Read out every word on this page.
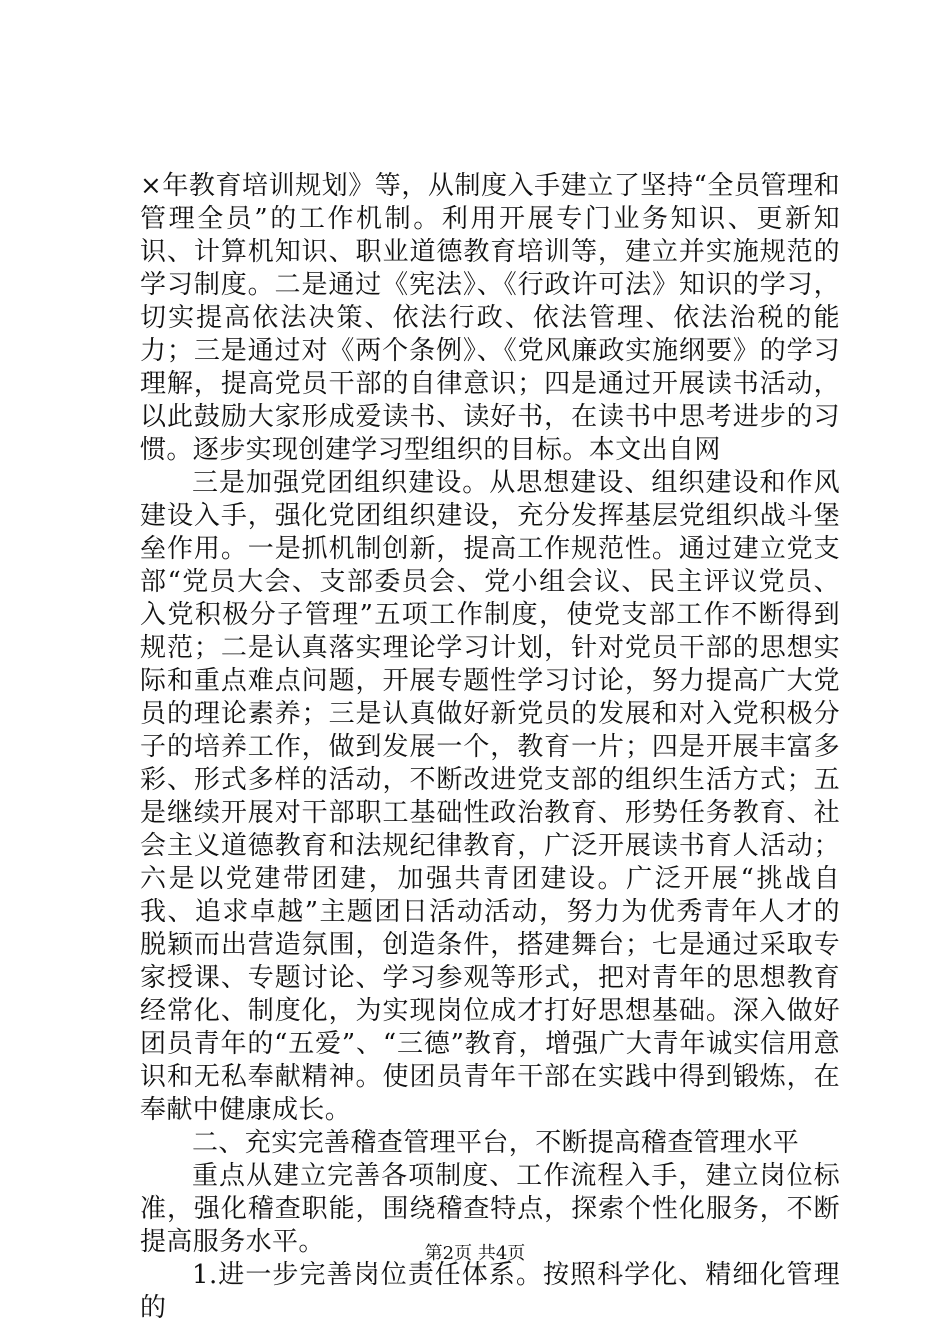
×年教育培训规划》等，从制度入手建立了坚持“全员管理和管理全员”的工作机制。利用开展专门业务知识、更新知识、计算机知识、职业道德教育培训等，建立并实施规范的学习制度。二是通过《宪法》、《行政许可法》知识的学习，切实提高依法决策、依法行政、依法管理、依法治税的能力；三是通过对《两个条例》、《党风廉政实施纲要》的学习理解，提高党员干部的自律意识；四是通过开展读书活动，以此鼓励大家形成爱读书、读好书，在读书中思考进步的习惯。逐步实现创建学习型组织的目标。本文出自网

三是加强党团组织建设。从思想建设、组织建设和作风建设入手，强化党团组织建设，充分发挥基层党组织战斗堡垒作用。一是抓机制创新，提高工作规范性。通过建立党支部“党员大会、支部委员会、党小组会议、民主评议党员、入党积极分子管理”五项工作制度，使党支部工作不断得到规范；二是认真落实理论学习计划，针对党员干部的思想实际和重点难点问题，开展专题性学习讨论，努力提高广大党员的理论素养；三是认真做好新党员的发展和对入党积极分子的培养工作，做到发展一个，教育一片；四是开展丰富多彩、形式多样的活动，不断改进党支部的组织生活方式；五是继续开展对干部职工基础性政治教育、形势任务教育、社会主义道德教育和法规纪律教育，广泛开展读书育人活动；六是以党建带团建，加强共青团建设。广泛开展“挑战自我、追求卓越”主题团日活动活动，努力为优秀青年人才的脱颖而出营造氛围，创造条件，搭建舞台；七是通过采取专家授课、专题讨论、学习参观等形式，把对青年的思想教育经常化、制度化，为实现岗位成才打好思想基础。深入做好团员青年的“五爱”、“三德”教育，增强广大青年诚实信用意识和无私奉献精神。使团员青年干部在实践中得到锻炼，在奉献中健康成长。

二、充实完善稽查管理平台，不断提高稽查管理水平

重点从建立完善各项制度、工作流程入手，建立岗位标准，强化稽查职能，围绕稽查特点，探索个性化服务，不断提高服务水平。

1.进一步完善岗位责任体系。按照科学化、精细化管理的

第2页 共4页
